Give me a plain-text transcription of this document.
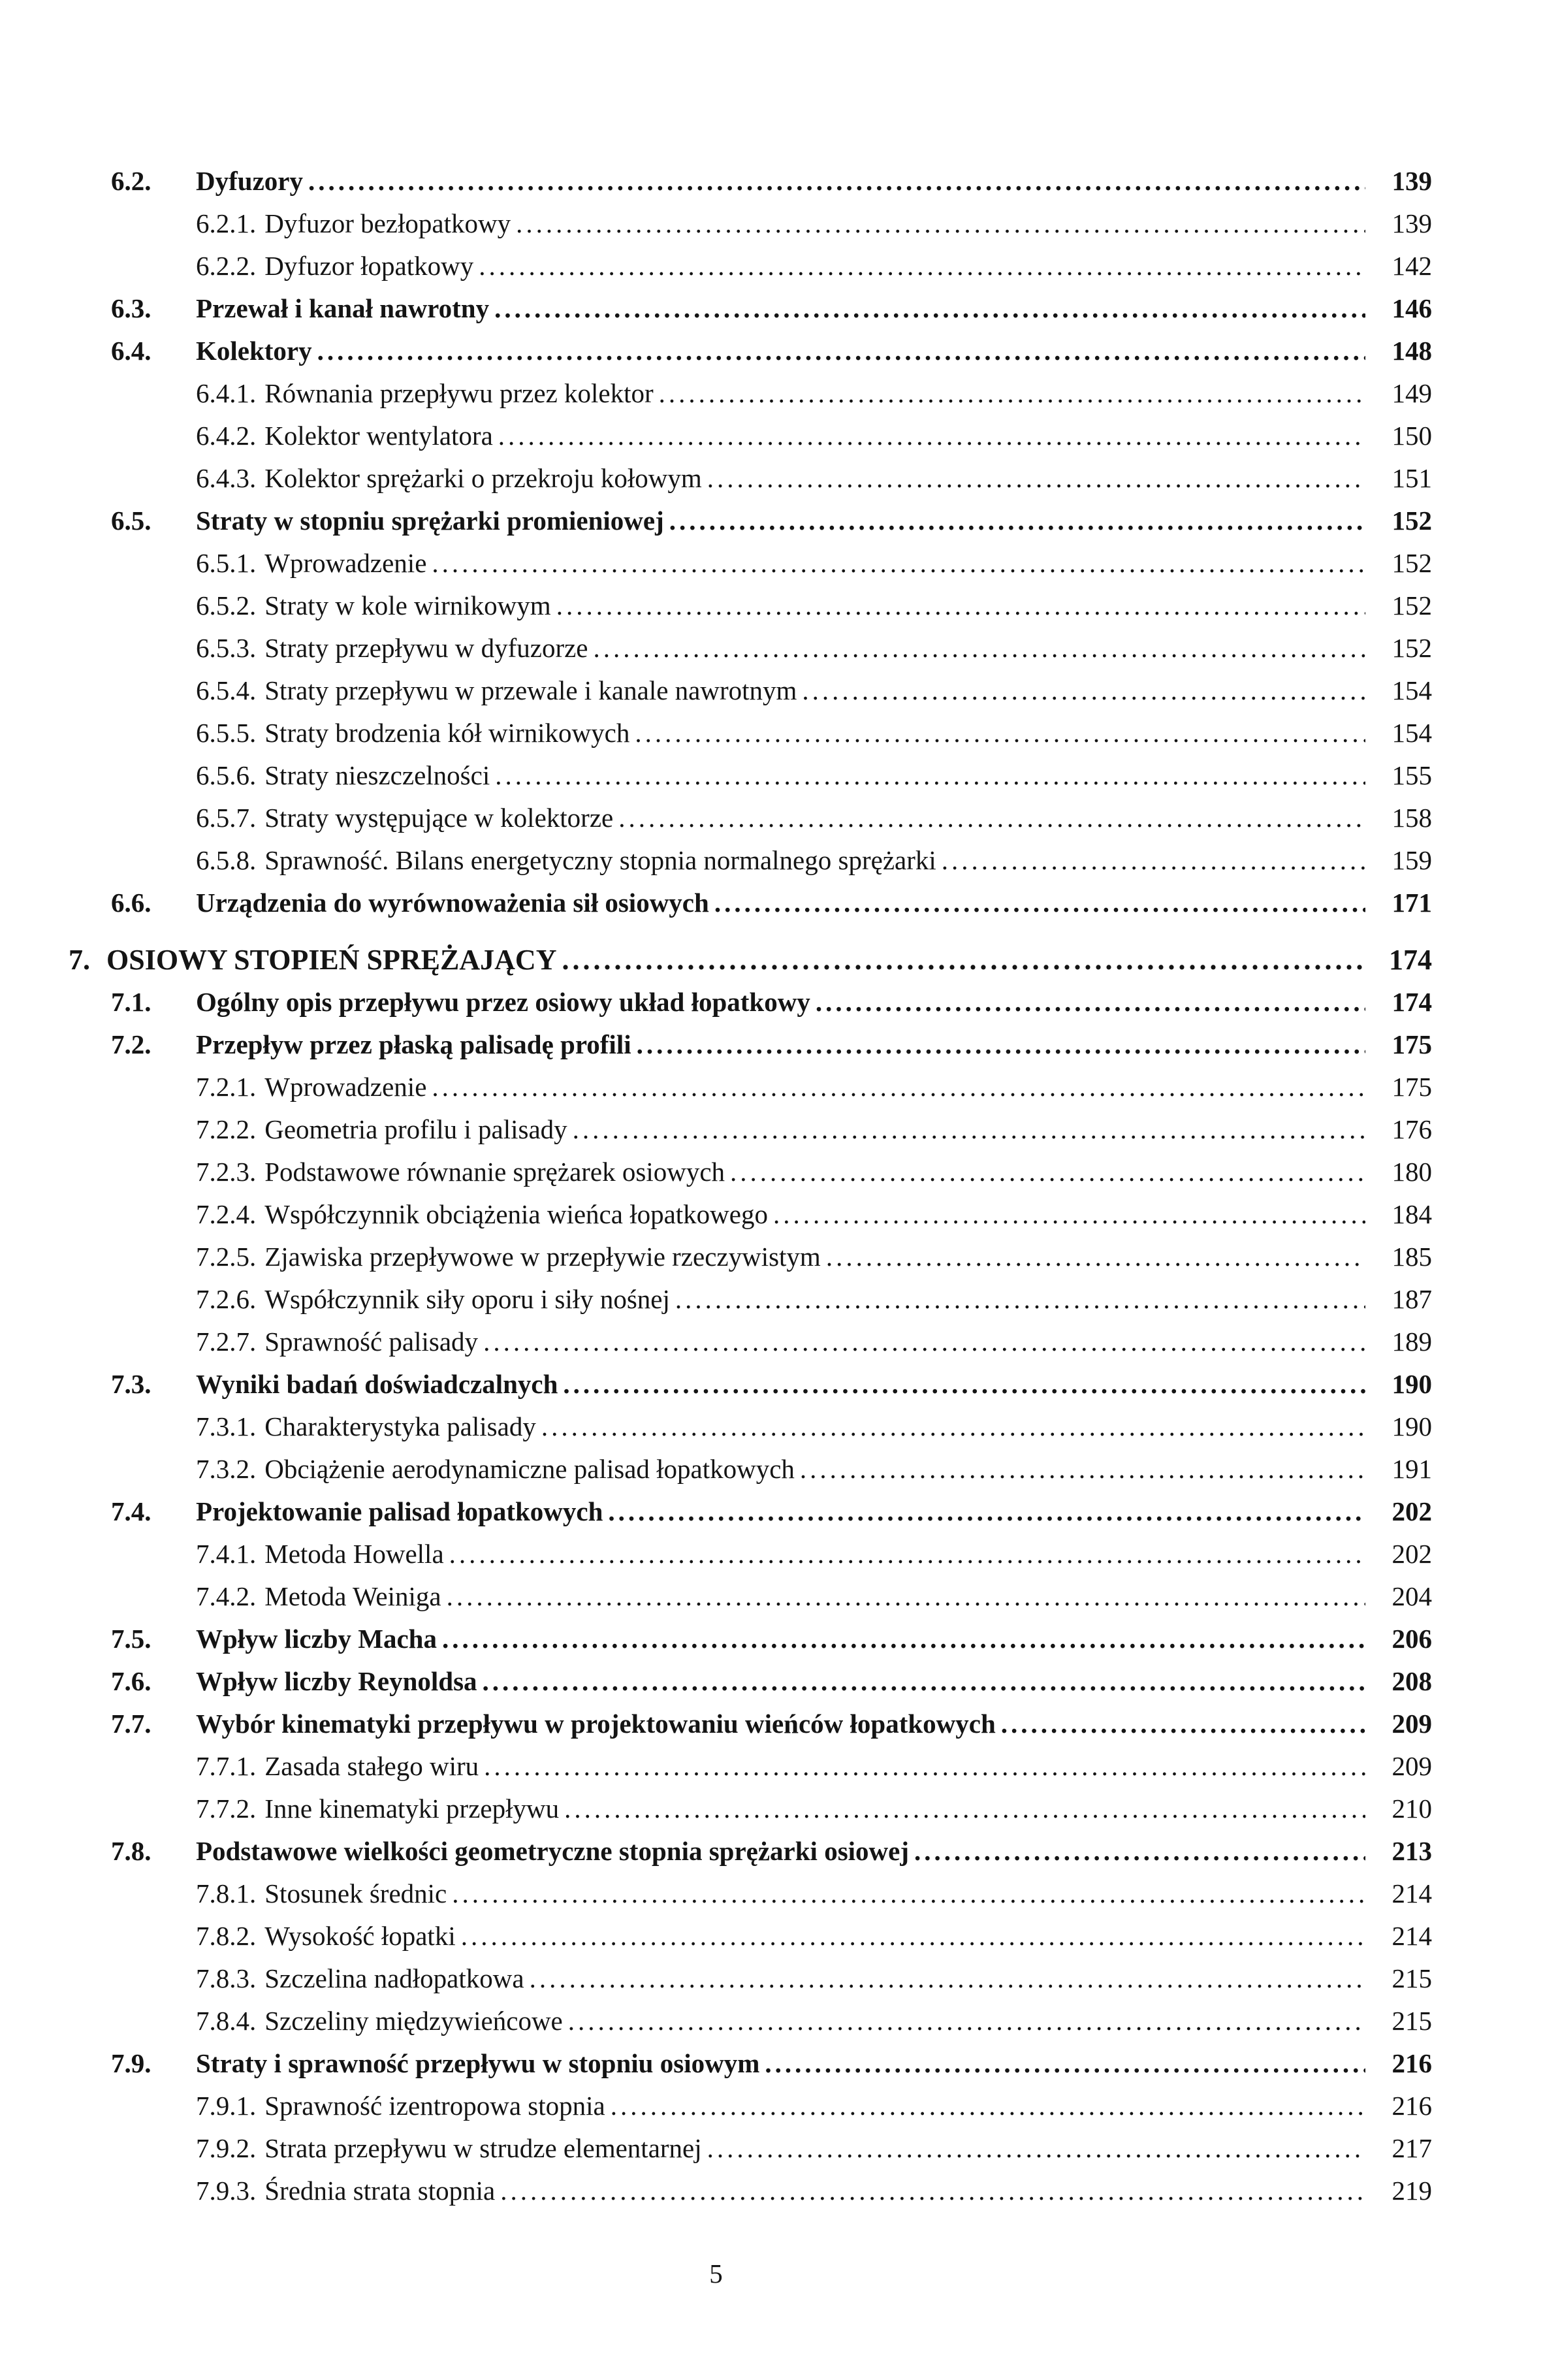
6.2.	Dyfuzory .....	139
6.2.1. Dyfuzor bezłopatkowy .....	139
6.2.2. Dyfuzor łopatkowy .....	142
6.3.	Przewał i kanał nawrotny .....	146
6.4.	Kolektory .....	148
6.4.1. Równania przepływu przez kolektor .....	149
6.4.2. Kolektor wentylatora .....	150
6.4.3. Kolektor sprężarki o przekroju kołowym .....	151
6.5.	Straty w stopniu sprężarki promieniowej .....	152
6.5.1. Wprowadzenie .....	152
6.5.2. Straty w kole wirnikowym .....	152
6.5.3. Straty przepływu w dyfuzorze .....	152
6.5.4. Straty przepływu w przewale i kanale nawrotnym .....	154
6.5.5. Straty brodzenia kół wirnikowych .....	154
6.5.6. Straty nieszczelności .....	155
6.5.7. Straty występujące w kolektorze .....	158
6.5.8. Sprawność. Bilans energetyczny stopnia normalnego sprężarki .....	159
6.6.	Urządzenia do wyrównoważenia sił osiowych .....	171
7. OSIOWY STOPIEŃ SPRĘŻAJĄCY .....	174
7.1.	Ogólny opis przepływu przez osiowy układ łopatkowy .....	174
7.2.	Przepływ przez płaską palisadę profili .....	175
7.2.1. Wprowadzenie .....	175
7.2.2. Geometria profilu i palisady .....	176
7.2.3. Podstawowe równanie sprężarek osiowych .....	180
7.2.4. Współczynnik obciążenia wieńca łopatkowego .....	184
7.2.5. Zjawiska przepływowe w przepływie rzeczywistym .....	185
7.2.6. Współczynnik siły oporu i siły nośnej .....	187
7.2.7. Sprawność palisady .....	189
7.3.	Wyniki badań doświadczalnych .....	190
7.3.1. Charakterystyka palisady .....	190
7.3.2. Obciążenie aerodynamiczne palisad łopatkowych .....	191
7.4.	Projektowanie palisad łopatkowych .....	202
7.4.1. Metoda Howella .....	202
7.4.2. Metoda Weiniga .....	204
7.5.	Wpływ liczby Macha .....	206
7.6.	Wpływ liczby Reynoldsa .....	208
7.7.	Wybór kinematyki przepływu w projektowaniu wieńców łopatkowych .....	209
7.7.1. Zasada stałego wiru .....	209
7.7.2. Inne kinematyki przepływu .....	210
7.8.	Podstawowe wielkości geometryczne stopnia sprężarki osiowej .....	213
7.8.1. Stosunek średnic .....	214
7.8.2. Wysokość łopatki .....	214
7.8.3. Szczelina nadłopatkowa .....	215
7.8.4. Szczeliny międzywieńcowe .....	215
7.9.	Straty i sprawność przepływu w stopniu osiowym .....	216
7.9.1. Sprawność izentropowa stopnia .....	216
7.9.2. Strata przepływu w strudze elementarnej .....	217
7.9.3. Średnia strata stopnia .....	219
5
